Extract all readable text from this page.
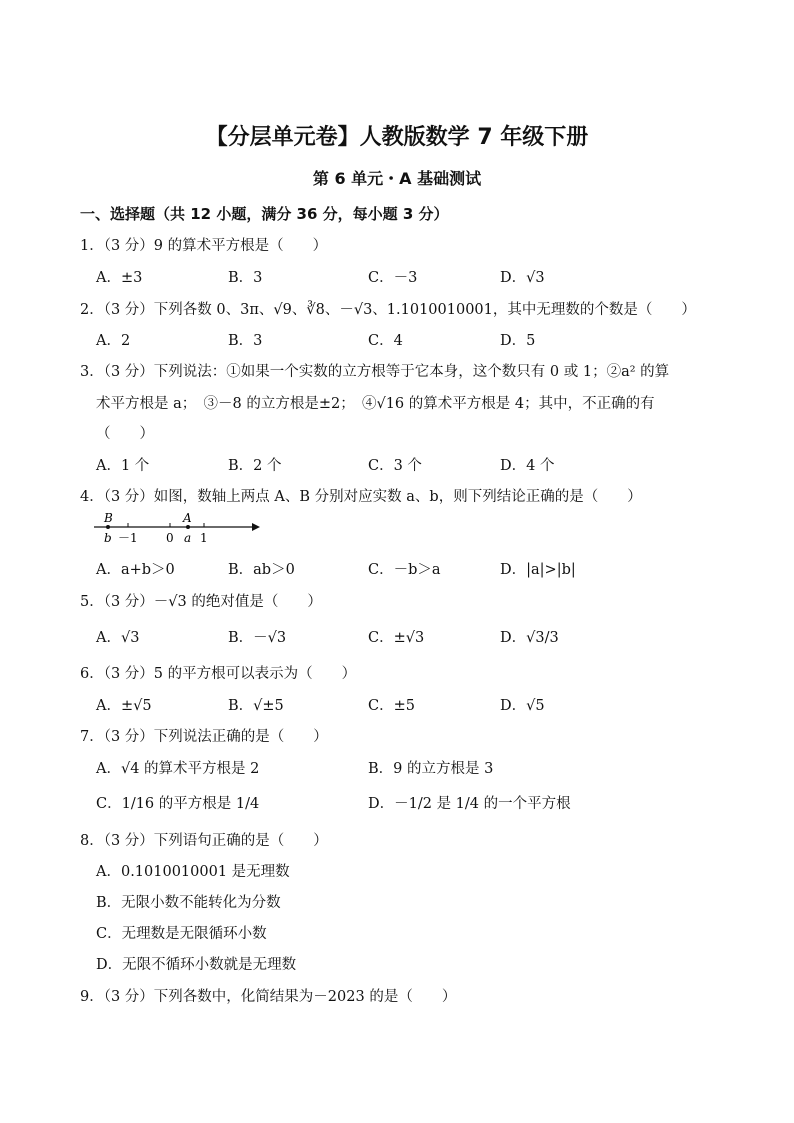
【分层单元卷】人教版数学 7 年级下册
第 6 单元・A 基础测试
一、选择题（共 12 小题，满分 36 分，每小题 3 分）
1．（3 分）9 的算术平方根是（　　）
A．±3	B．3	C．－3	D．√3
2．（3 分）下列各数 0、3π、√9、∛8、－√3、1.1010010001，其中无理数的个数是（　　）
A．2	B．3	C．4	D．5
3．（3 分）下列说法：①如果一个实数的立方根等于它本身，这个数只有 0 或 1；②a² 的算
术平方根是 a；　③－8 的立方根是±2；　④√16 的算术平方根是 4；其中，不正确的有
（　　）
A．1 个	B．2 个	C．3 个	D．4 个
4．（3 分）如图，数轴上两点 A、B 分别对应实数 a、b，则下列结论正确的是（　　）
B	A
b －1 0 a 1
A．a+b＞0	B．ab＞0	C．－b＞a	D．|a|>|b|
5．（3 分）－√3 的绝对值是（　　）
A．√3	B．－√3	C．±√3	D．√3/3
6．（3 分）5 的平方根可以表示为（　　）
A．±√5	B．√±5	C．±5	D．√5
7．（3 分）下列说法正确的是（　　）
A．√4 的算术平方根是 2	B．9 的立方根是 3
C．1/16 的平方根是 1/4	D．－1/2 是 1/4 的一个平方根
8．（3 分）下列语句正确的是（　　）
A．0.1010010001 是无理数
B．无限小数不能转化为分数
C．无理数是无限循环小数
D．无限不循环小数就是无理数
9．（3 分）下列各数中，化简结果为－2023 的是（　　）
